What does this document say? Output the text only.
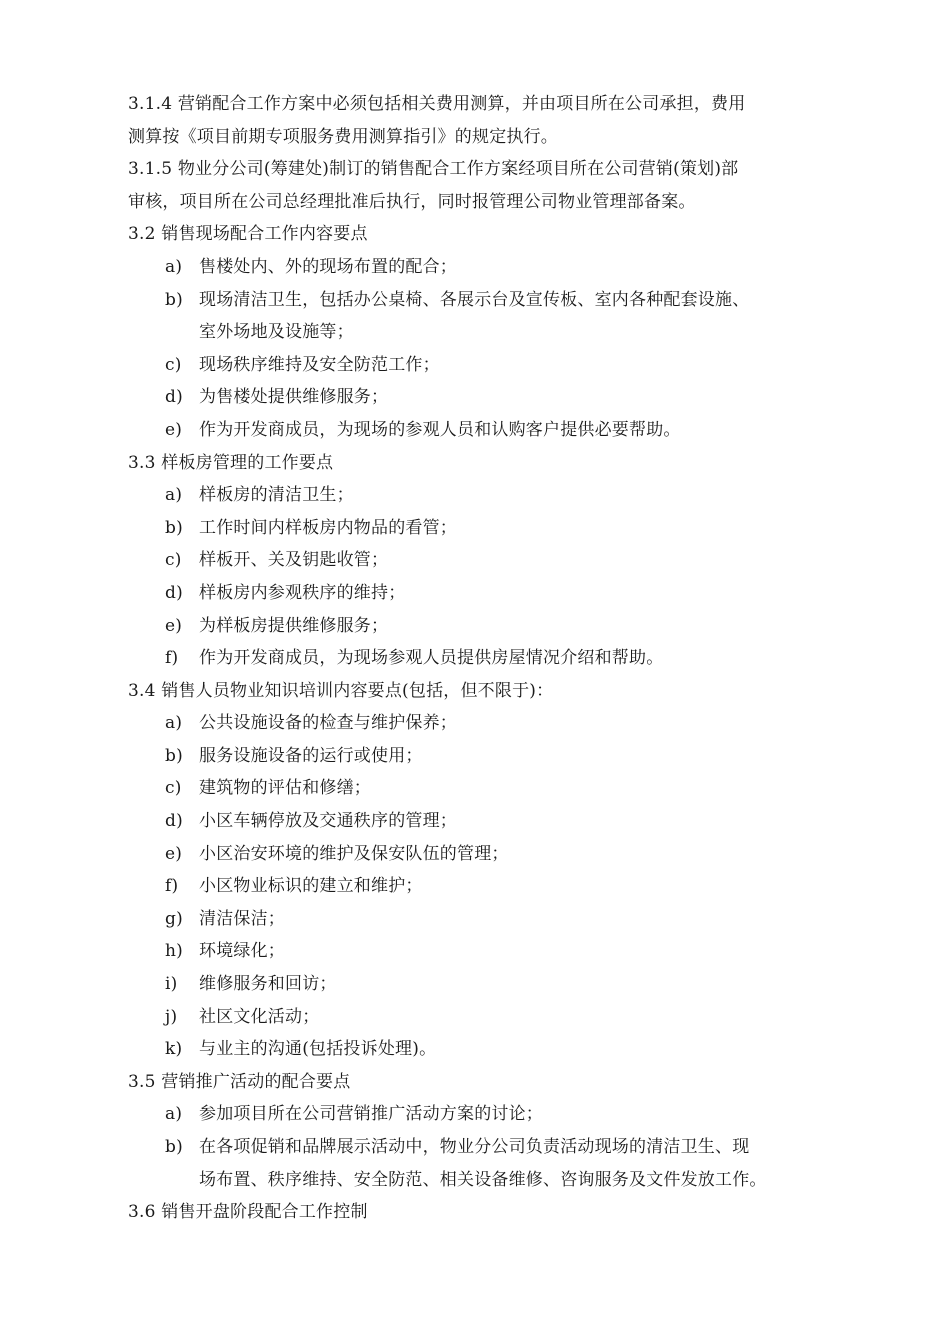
3.1.4 营销配合工作方案中必须包括相关费用测算，并由项目所在公司承担，费用
测算按《项目前期专项服务费用测算指引》的规定执行。
3.1.5 物业分公司(筹建处)制订的销售配合工作方案经项目所在公司营销(策划)部
审核，项目所在公司总经理批准后执行，同时报管理公司物业管理部备案。
3.2 销售现场配合工作内容要点
a) 售楼处内、外的现场布置的配合；
b) 现场清洁卫生，包括办公桌椅、各展示台及宣传板、室内各种配套设施、
室外场地及设施等；
c)	现场秩序维持及安全防范工作；
d) 为售楼处提供维修服务；
e) 作为开发商成员，为现场的参观人员和认购客户提供必要帮助。
3.3 样板房管理的工作要点
a) 样板房的清洁卫生；
b) 工作时间内样板房内物品的看管；
c)	样板开、关及钥匙收管；
d) 样板房内参观秩序的维持；
e) 为样板房提供维修服务；
f)	作为开发商成员，为现场参观人员提供房屋情况介绍和帮助。
3.4 销售人员物业知识培训内容要点(包括，但不限于)：
a) 公共设施设备的检查与维护保养；
b) 服务设施设备的运行或使用；
c)	建筑物的评估和修缮；
d) 小区车辆停放及交通秩序的管理；
e) 小区治安环境的维护及保安队伍的管理；
f)	小区物业标识的建立和维护；
g) 清洁保洁；
h) 环境绿化；
i)	维修服务和回访；
j)	社区文化活动；
k) 与业主的沟通(包括投诉处理)。
3.5 营销推广活动的配合要点
a) 参加项目所在公司营销推广活动方案的讨论；
b) 在各项促销和品牌展示活动中，物业分公司负责活动现场的清洁卫生、现
场布置、秩序维持、安全防范、相关设备维修、咨询服务及文件发放工作。
3.6 销售开盘阶段配合工作控制
